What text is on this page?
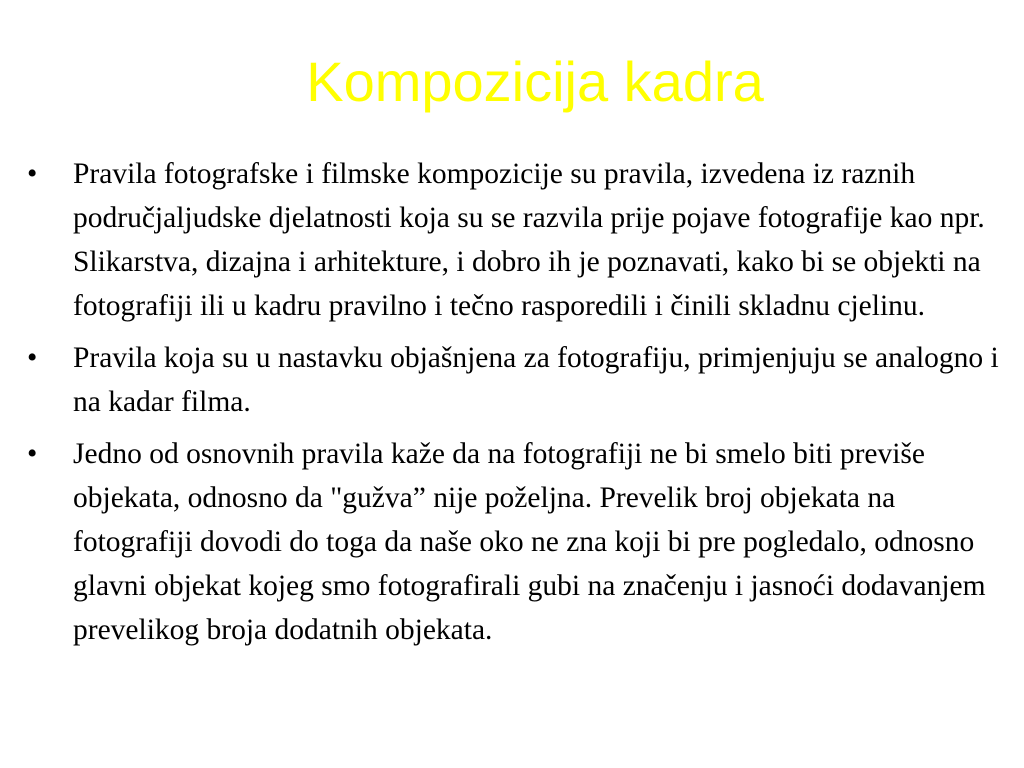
Kompozicija kadra
•	Pravila fotografske i filmske kompozicije su pravila, izvedena iz raznih područjaljudske djelatnosti koja su se razvila prije pojave fotografije kao npr. Slikarstva, dizajna i arhitekture, i dobro ih je poznavati, kako bi se objekti na fotografiji ili u kadru pravilno i tečno rasporedili i činili skladnu cjelinu.
•	Pravila koja su u nastavku objašnjena za fotografiju, primjenjuju se analogno i na kadar filma.
•	Jedno od osnovnih pravila kaže da na fotografiji ne bi smelo biti previše objekata, odnosno da "gužva” nije poželjna. Prevelik broj objekata na fotografiji dovodi do toga da naše oko ne zna koji bi pre pogledalo, odnosno glavni objekat kojeg smo fotografirali gubi na značenju i jasnoći dodavanjem prevelikog broja dodatnih objekata.
